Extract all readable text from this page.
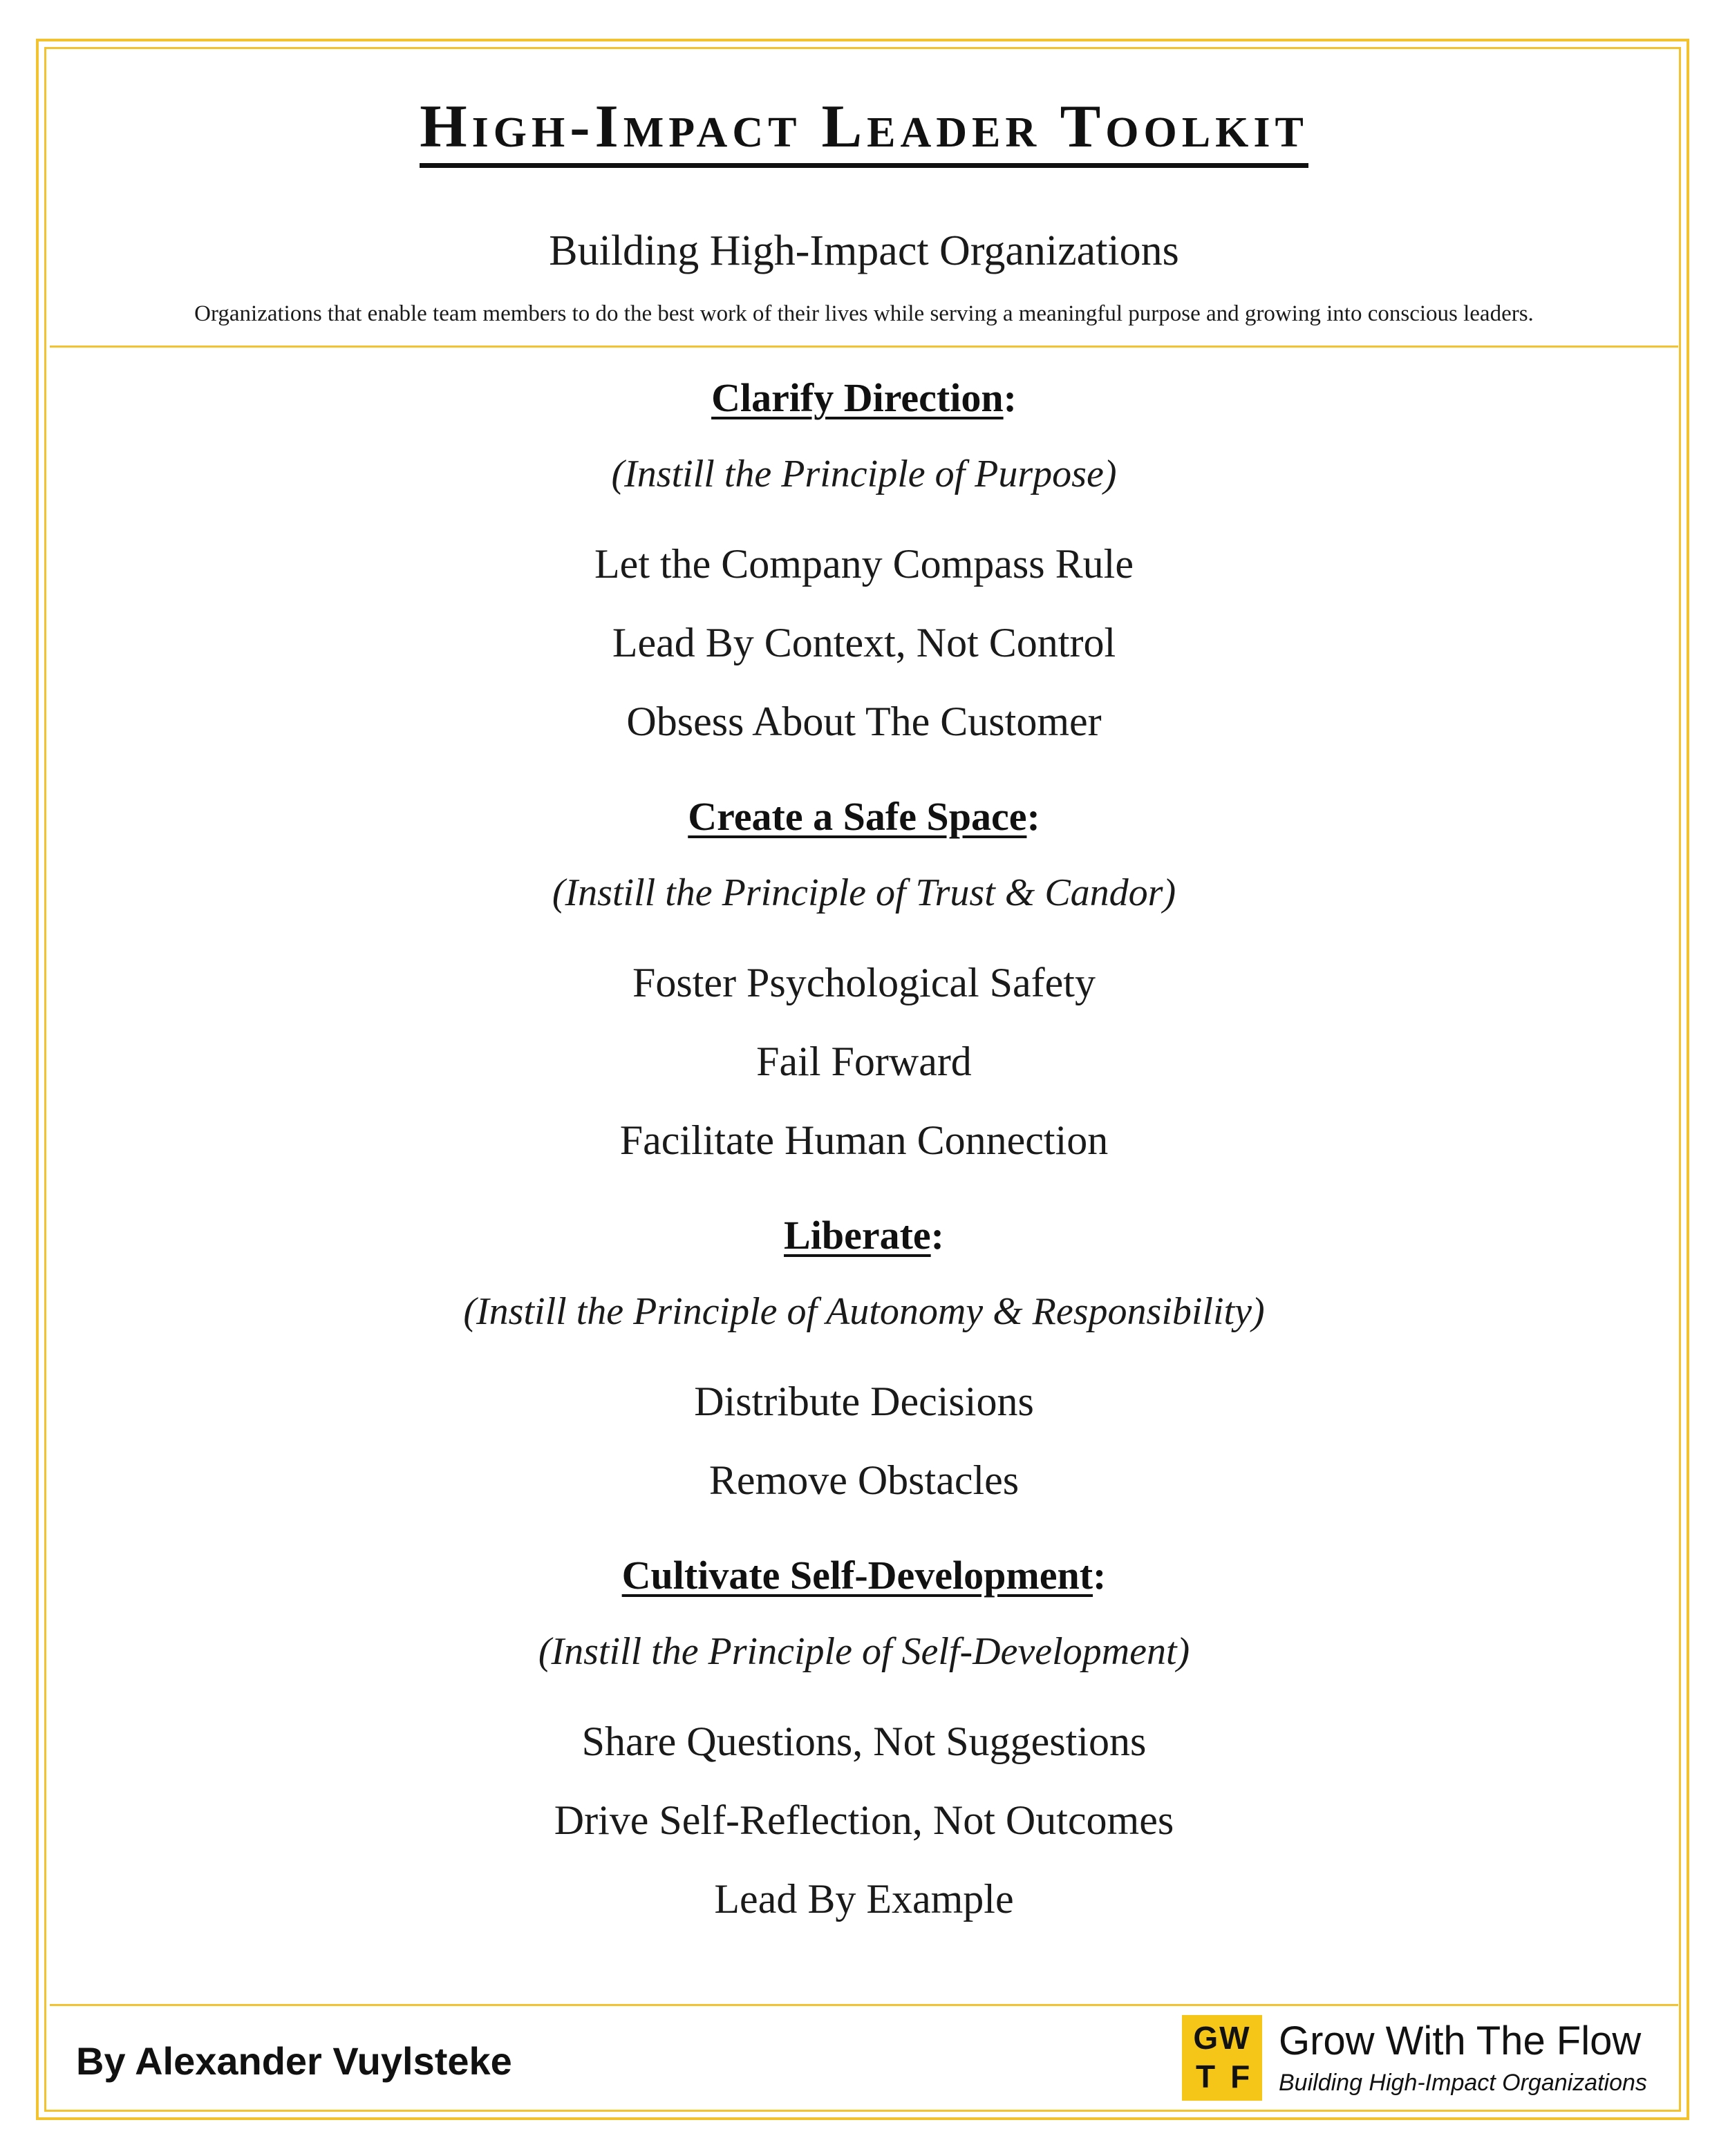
High-Impact Leader Toolkit
Building High-Impact Organizations
Organizations that enable team members to do the best work of their lives while serving a meaningful purpose and growing into conscious leaders.
Clarify Direction:
(Instill the Principle of Purpose)
Let the Company Compass Rule
Lead By Context, Not Control
Obsess About The Customer
Create a Safe Space:
(Instill the Principle of Trust & Candor)
Foster Psychological Safety
Fail Forward
Facilitate Human Connection
Liberate:
(Instill the Principle of Autonomy & Responsibility)
Distribute Decisions
Remove Obstacles
Cultivate Self-Development:
(Instill the Principle of Self-Development)
Share Questions, Not Suggestions
Drive Self-Reflection, Not Outcomes
Lead By Example
By Alexander Vuylsteke
GW
TF
Grow With The Flow
Building High-Impact Organizations
